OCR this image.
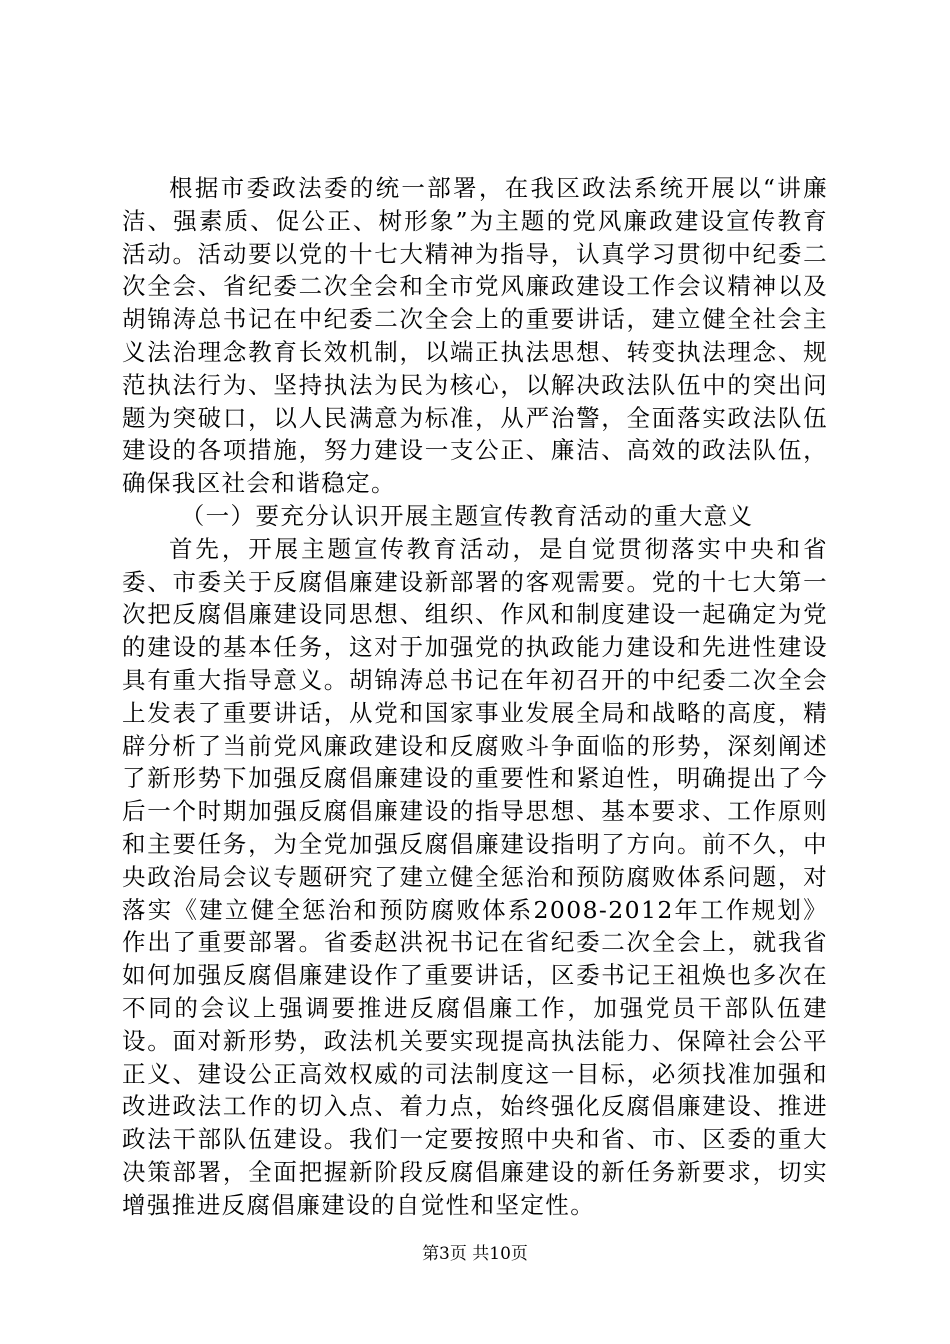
根据市委政法委的统一部署，在我区政法系统开展以“讲廉洁、强素质、促公正、树形象”为主题的党风廉政建设宣传教育活动。活动要以党的十七大精神为指导，认真学习贯彻中纪委二次全会、省纪委二次全会和全市党风廉政建设工作会议精神以及胡锦涛总书记在中纪委二次全会上的重要讲话，建立健全社会主义法治理念教育长效机制，以端正执法思想、转变执法理念、规范执法行为、坚持执法为民为核心，以解决政法队伍中的突出问题为突破口，以人民满意为标准，从严治警，全面落实政法队伍建设的各项措施，努力建设一支公正、廉洁、高效的政法队伍，确保我区社会和谐稳定。

（一）要充分认识开展主题宣传教育活动的重大意义

首先，开展主题宣传教育活动，是自觉贯彻落实中央和省委、市委关于反腐倡廉建设新部署的客观需要。党的十七大第一次把反腐倡廉建设同思想、组织、作风和制度建设一起确定为党的建设的基本任务，这对于加强党的执政能力建设和先进性建设具有重大指导意义。胡锦涛总书记在年初召开的中纪委二次全会上发表了重要讲话，从党和国家事业发展全局和战略的高度，精辟分析了当前党风廉政建设和反腐败斗争面临的形势，深刻阐述了新形势下加强反腐倡廉建设的重要性和紧迫性，明确提出了今后一个时期加强反腐倡廉建设的指导思想、基本要求、工作原则和主要任务，为全党加强反腐倡廉建设指明了方向。前不久，中央政治局会议专题研究了建立健全惩治和预防腐败体系问题，对落实《建立健全惩治和预防腐败体系2008-2012年工作规划》作出了重要部署。省委赵洪祝书记在省纪委二次全会上，就我省如何加强反腐倡廉建设作了重要讲话，区委书记王祖焕也多次在不同的会议上强调要推进反腐倡廉工作，加强党员干部队伍建设。面对新形势，政法机关要实现提高执法能力、保障社会公平正义、建设公正高效权威的司法制度这一目标，必须找准加强和改进政法工作的切入点、着力点，始终强化反腐倡廉建设、推进政法干部队伍建设。我们一定要按照中央和省、市、区委的重大决策部署，全面把握新阶段反腐倡廉建设的新任务新要求，切实增强推进反腐倡廉建设的自觉性和坚定性。

第3页 共10页
